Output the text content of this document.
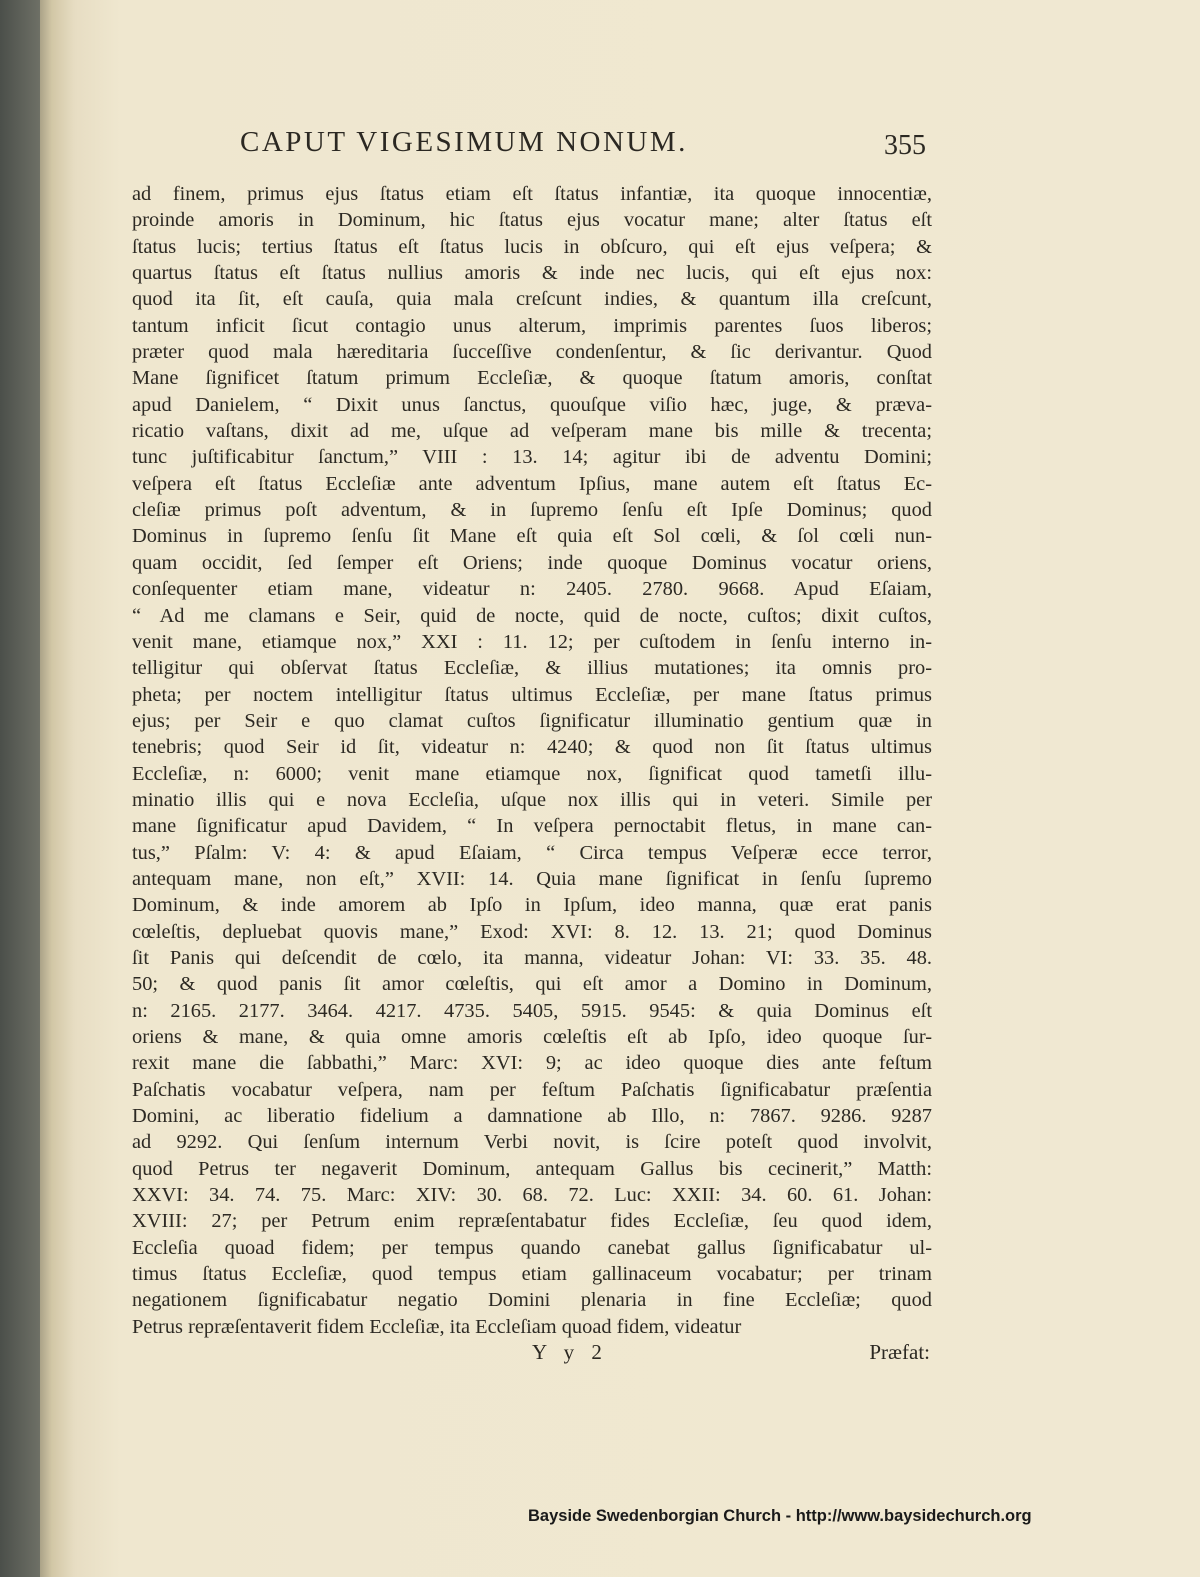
CAPUT VIGESIMUM NONUM.	355
ad finem, primus ejus ſtatus etiam eſt ſtatus infantiæ, ita quoque innocentiæ,
proinde amoris in Dominum, hic ſtatus ejus vocatur mane; alter ſtatus eſt
ſtatus lucis; tertius ſtatus eſt ſtatus lucis in obſcuro, qui eſt ejus veſpera; &
quartus ſtatus eſt ſtatus nullius amoris & inde nec lucis, qui eſt ejus nox:
quod ita ſit, eſt cauſa, quia mala creſcunt indies, & quantum illa creſcunt,
tantum inficit ſicut contagio unus alterum, imprimis parentes ſuos liberos;
præter quod mala hæreditaria ſucceſſive condenſentur, & ſic derivantur. Quod
Mane ſignificet ſtatum primum Eccleſiæ, & quoque ſtatum amoris, conſtat
apud Danielem, “ Dixit unus ſanctus, quouſque viſio hæc, juge, & præva-
ricatio vaſtans, dixit ad me, uſque ad veſperam mane bis mille & trecenta;
tunc juſtificabitur ſanctum,” VIII : 13. 14; agitur ibi de adventu Domini;
veſpera eſt ſtatus Eccleſiæ ante adventum Ipſius, mane autem eſt ſtatus Ec-
cleſiæ primus poſt adventum, & in ſupremo ſenſu eſt Ipſe Dominus; quod
Dominus in ſupremo ſenſu ſit Mane eſt quia eſt Sol cœli, & ſol cœli nun-
quam occidit, ſed ſemper eſt Oriens; inde quoque Dominus vocatur oriens,
conſequenter etiam mane, videatur n: 2405. 2780. 9668. Apud Eſaiam,
“ Ad me clamans e Seir, quid de nocte, quid de nocte, cuſtos; dixit cuſtos,
venit mane, etiamque nox,” XXI : 11. 12; per cuſtodem in ſenſu interno in-
telligitur qui obſervat ſtatus Eccleſiæ, & illius mutationes; ita omnis pro-
pheta; per noctem intelligitur ſtatus ultimus Eccleſiæ, per mane ſtatus primus
ejus; per Seir e quo clamat cuſtos ſignificatur illuminatio gentium quæ in
tenebris; quod Seir id ſit, videatur n: 4240; & quod non ſit ſtatus ultimus
Eccleſiæ, n: 6000; venit mane etiamque nox, ſignificat quod tametſi illu-
minatio illis qui e nova Eccleſia, uſque nox illis qui in veteri. Simile per
mane ſignificatur apud Davidem, “ In veſpera pernoctabit fletus, in mane can-
tus,” Pſalm: V: 4: & apud Eſaiam, “ Circa tempus Veſperæ ecce terror,
antequam mane, non eſt,” XVII: 14. Quia mane ſignificat in ſenſu ſupremo
Dominum, & inde amorem ab Ipſo in Ipſum, ideo manna, quæ erat panis
cœleſtis, depluebat quovis mane,” Exod: XVI: 8. 12. 13. 21; quod Dominus
ſit Panis qui deſcendit de cœlo, ita manna, videatur Johan: VI: 33. 35. 48.
50; & quod panis ſit amor cœleſtis, qui eſt amor a Domino in Dominum,
n: 2165. 2177. 3464. 4217. 4735. 5405, 5915. 9545: & quia Dominus eſt
oriens & mane, & quia omne amoris cœleſtis eſt ab Ipſo, ideo quoque ſur-
rexit mane die ſabbathi,” Marc: XVI: 9; ac ideo quoque dies ante feſtum
Paſchatis vocabatur veſpera, nam per feſtum Paſchatis ſignificabatur præſentia
Domini, ac liberatio fidelium a damnatione ab Illo, n: 7867. 9286. 9287
ad 9292. Qui ſenſum internum Verbi novit, is ſcire poteſt quod involvit,
quod Petrus ter negaverit Dominum, antequam Gallus bis cecinerit,” Matth:
XXVI: 34. 74. 75. Marc: XIV: 30. 68. 72. Luc: XXII: 34. 60. 61. Johan:
XVIII: 27; per Petrum enim repræſentabatur fides Eccleſiæ, ſeu quod idem,
Eccleſia quoad fidem; per tempus quando canebat gallus ſignificabatur ul-
timus ſtatus Eccleſiæ, quod tempus etiam gallinaceum vocabatur; per trinam
negationem ſignificabatur negatio Domini plenaria in fine Eccleſiæ; quod
Petrus repræſentaverit fidem Eccleſiæ, ita Eccleſiam quoad fidem, videatur
Y y 2	Præfat:
Bayside Swedenborgian Church - http://www.baysidechurch.org
